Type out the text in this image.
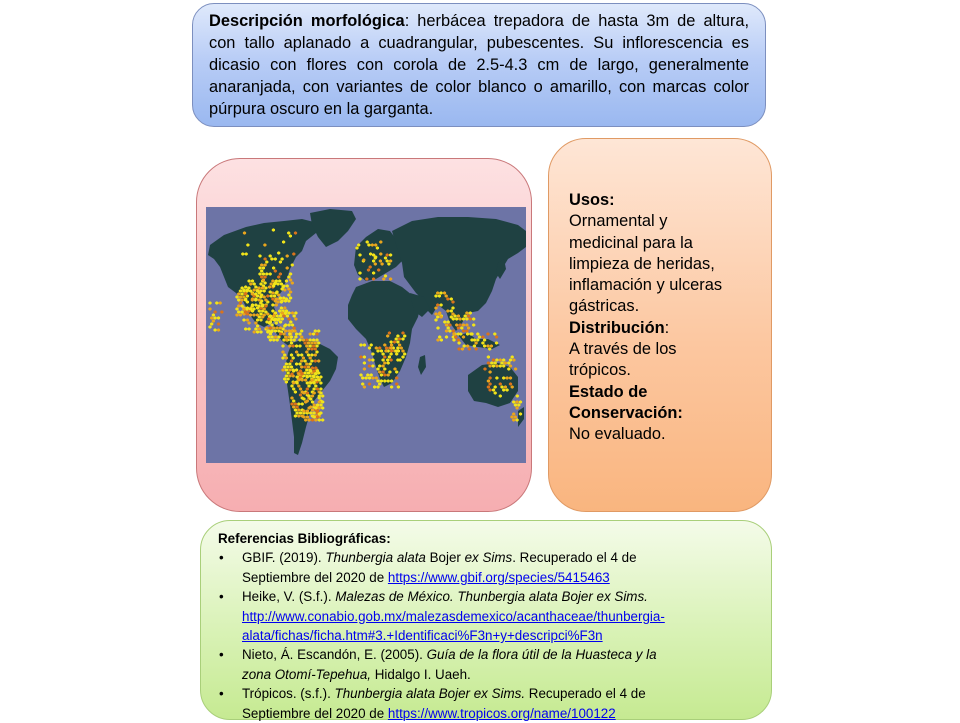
Descripción morfológica: herbácea trepadora de hasta 3m de altura, con tallo aplanado a cuadrangular, pubescentes. Su inflorescencia es dicasio con flores con corola de 2.5-4.3 cm de largo, generalmente anaranjada, con variantes de color blanco o amarillo, con marcas color púrpura oscuro en la garganta.

Usos:
Ornamental y
medicinal para la
limpieza de heridas,
inflamación y ulceras
gástricas.
Distribución:
A través de los
trópicos.
Estado de
Conservación:
No evaluado.
Referencias Bibliográficas:
• GBIF. (2019). Thunbergia alata Bojer ex Sims. Recuperado el 4 de
Septiembre del 2020 de https://www.gbif.org/species/5415463
• Heike, V. (S.f.). Malezas de México. Thunbergia alata Bojer ex Sims.
http://www.conabio.gob.mx/malezasdemexico/acanthaceae/thunbergia-
alata/fichas/ficha.htm#3.+Identificaci%F3n+y+descripci%F3n
• Nieto, Á. Escandón, E. (2005). Guía de la flora útil de la Huasteca y la
zona Otomí-Tepehua, Hidalgo I. Uaeh.
• Trópicos. (s.f.). Thunbergia alata Bojer ex Sims. Recuperado el 4 de
Septiembre del 2020 de https://www.tropicos.org/name/100122
